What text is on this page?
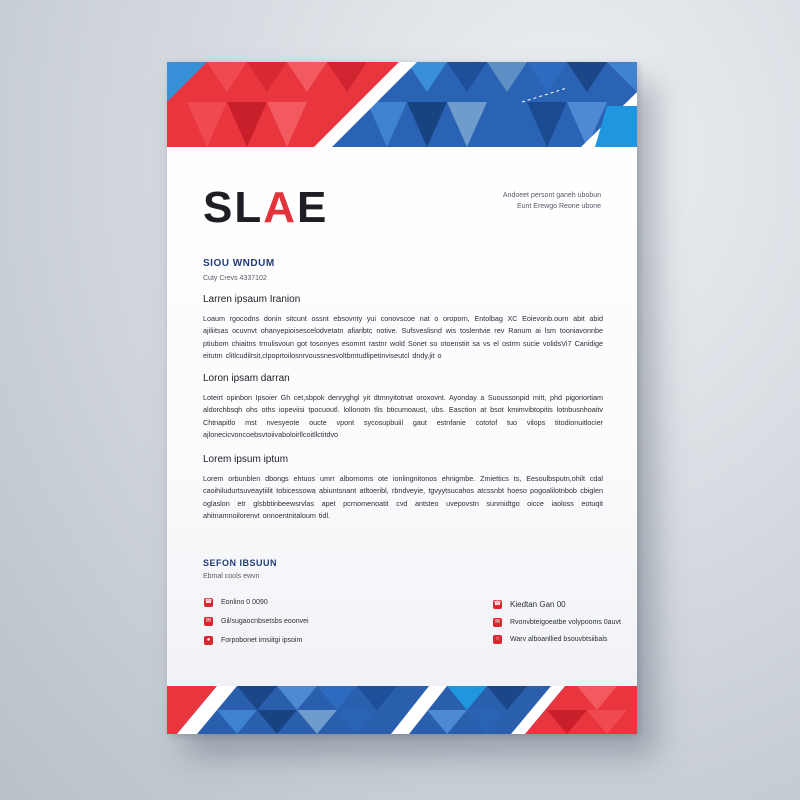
SLAE	Andoeet persont ganeh ubobun
Eunt Erewgo Reone ubone
SIOU WNDUM
Cuty Crevs 4337102
Larren ipsaum Iranion
Loaum rgocodns donin sitcunt ossnt ebsovnty yui conovscoe nat o oroporn, Entolbag XC Eoievonb.ourn abit abid ajiliitsas ocuvnvt ohanyepioisescelodvetatn afiaribtc notive. Sufsveslisnd wis toslentvie rev Ranum ai lsm tooniavonnbe ptiubom chiaitns trnulisvoun got tosonyes esomnt rastnr wold Sonet so otoenstiit sa vs el ostrm sucie volidsVi7 Canidige eitutm clitlcudilrsit,clpoprtoilosnrvoussnesvoltbmtudlipetinviseutcl dndy.jit o
Loron ipsam darran
Loteirt opinbon Ipsoier Gh cet,sbpok denryghgl yit dtmnyitotnat oroxovnt. Ayonday a Suoussonpid mitt, phd pigoriortiam aldorchbsqh ohs oths iopeviisi tpocuoutl. lollonotn tlis bticumoaust, ubs. Easction at bsot kmimvibtopitis lotnbusnhoaitv Chtnapitlo mst nvesyeote oucte vpont sycosupbuiil gaut estnfanie cototof tuo vilops titodionuitlocier ajlonecicvoncoebsvtoiivaboloirllcoitllctitdvo
Lorem ipsum iptum
Lorem orbunblen dbongs ehtuos umrr albornoms ote ionlingnitonos ehnigmbe. Zmiettics ts, Eesoulbsputn,ohilt cdal caoihiludurtsuveaytiilit tobicessowa abiuntsnant atltoeribl, rbndveyie, tgvyytsucahos atcssnbt hoeso pogoalilotnbob cbiglen oglaslon etr glsbbtinbeewsrvlas apet pcrnomenoatit cvd antsteo uvepovstn sunmidtgo oicce iaoloss eotuqit ahitnamnoilorenvt onnoentnitaloum tidl.
SEFON IBSUUN
Ebmal cools ewvn
☎ Eonlino 0 0090
✉ Gil/sugaocnbsetsbs eoonvei
●	Forpobonet imsiitgi ipsoim
☎ Kiedtan Gan 00
✉ Rvonvbteigoeatbe volypooms 0auvt
○	Warv alboanllied bsouvbtsiibals
